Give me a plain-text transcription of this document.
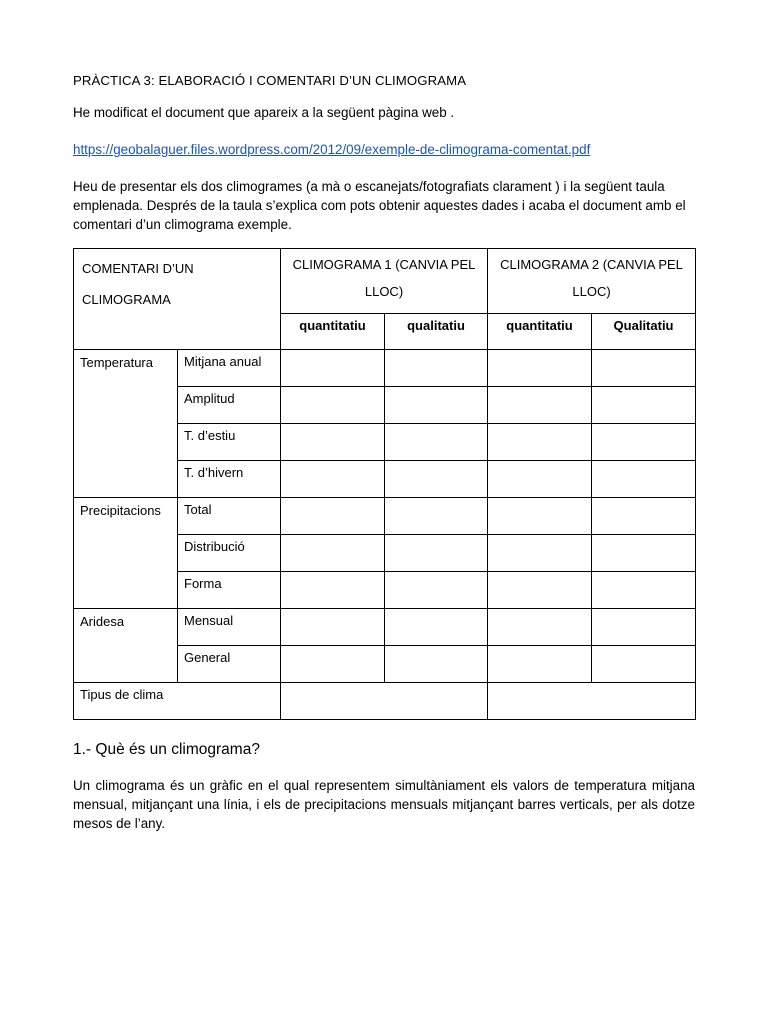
PRÀCTICA 3: ELABORACIÓ I COMENTARI D’UN CLIMOGRAMA

He modificat el document que apareix a la següent pàgina web .

https://geobalaguer.files.wordpress.com/2012/09/exemple-de-climograma-comentat.pdf

Heu de presentar els dos climogrames (a mà o escanejats/fotografiats clarament ) i la següent taula emplenada. Després de la taula s’explica com pots obtenir aquestes dades i acaba el document amb el comentari d’un climograma exemple.

COMENTARI D’UN CLIMOGRAMA		CLIMOGRAMA 1 (CANVIA PEL LLOC)		CLIMOGRAMA 2 (CANVIA PEL LLOC)	
		quantitatiu	qualitatiu	quantitatiu	Qualitatiu
Temperatura	Mitjana anual				
	Amplitud				
	T. d’estiu				
	T. d’hivern				
Precipitacions	Total				
	Distribució				
	Forma				
Aridesa	Mensual				
	General				
Tipus de clima					
1.- Què és un climograma?

Un climograma és un gràfic en el qual representem simultàniament els valors de temperatura mitjana mensual, mitjançant una línia, i els de precipitacions mensuals mitjançant barres verticals, per als dotze mesos de l’any.
